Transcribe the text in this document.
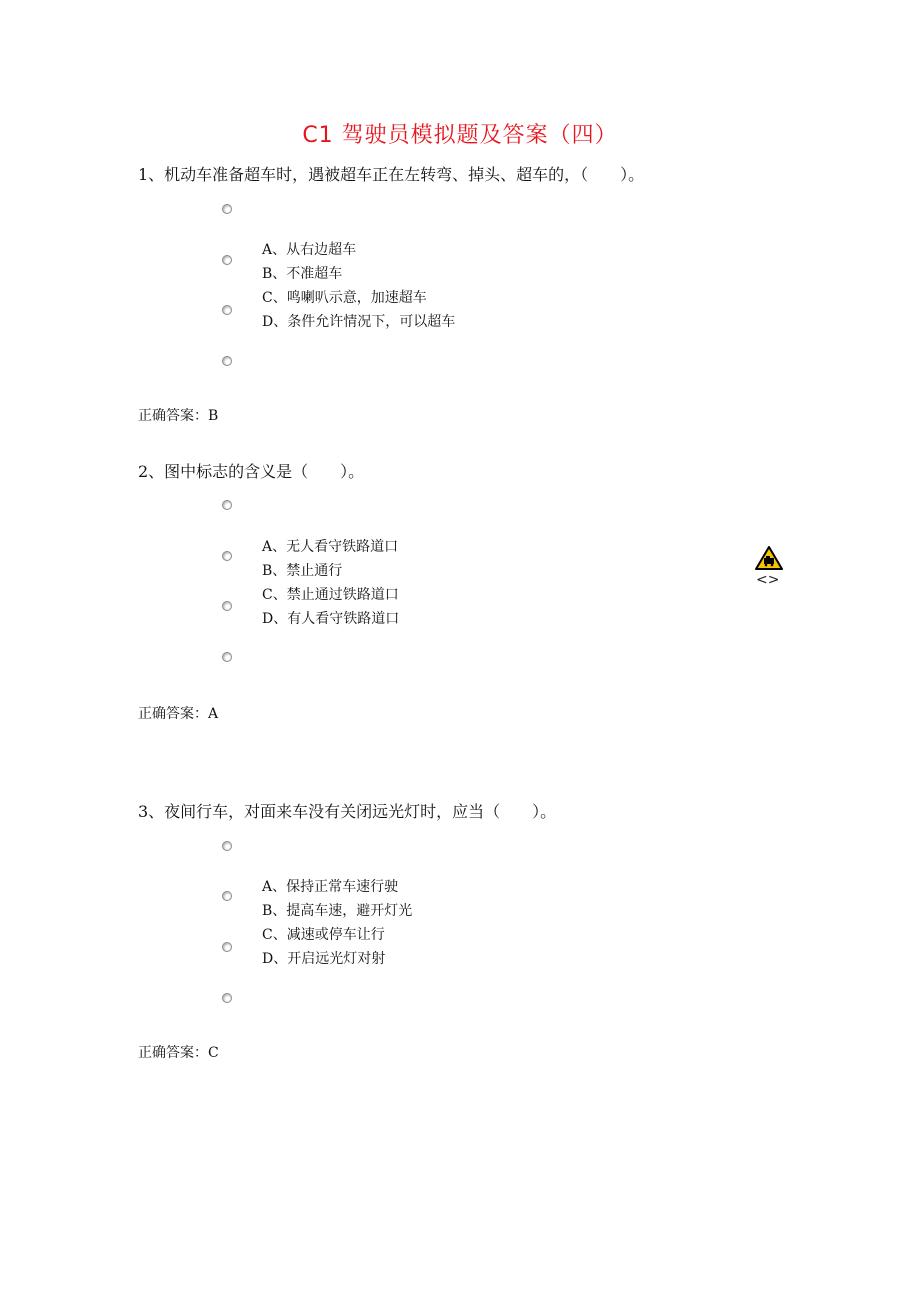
C1 驾驶员模拟题及答案（四）
1、机动车准备超车时，遇被超车正在左转弯、掉头、超车的，（　　）。
A、从右边超车
B、不准超车
C、鸣喇叭示意，加速超车
D、条件允许情况下，可以超车
正确答案：B
2、图中标志的含义是（　　）。
A、无人看守铁路道口
B、禁止通行
C、禁止通过铁路道口
D、有人看守铁路道口
正确答案：A
<>
3、夜间行车，对面来车没有关闭远光灯时，应当（　　）。
A、保持正常车速行驶
B、提高车速，避开灯光
C、减速或停车让行
D、开启远光灯对射
正确答案：C
